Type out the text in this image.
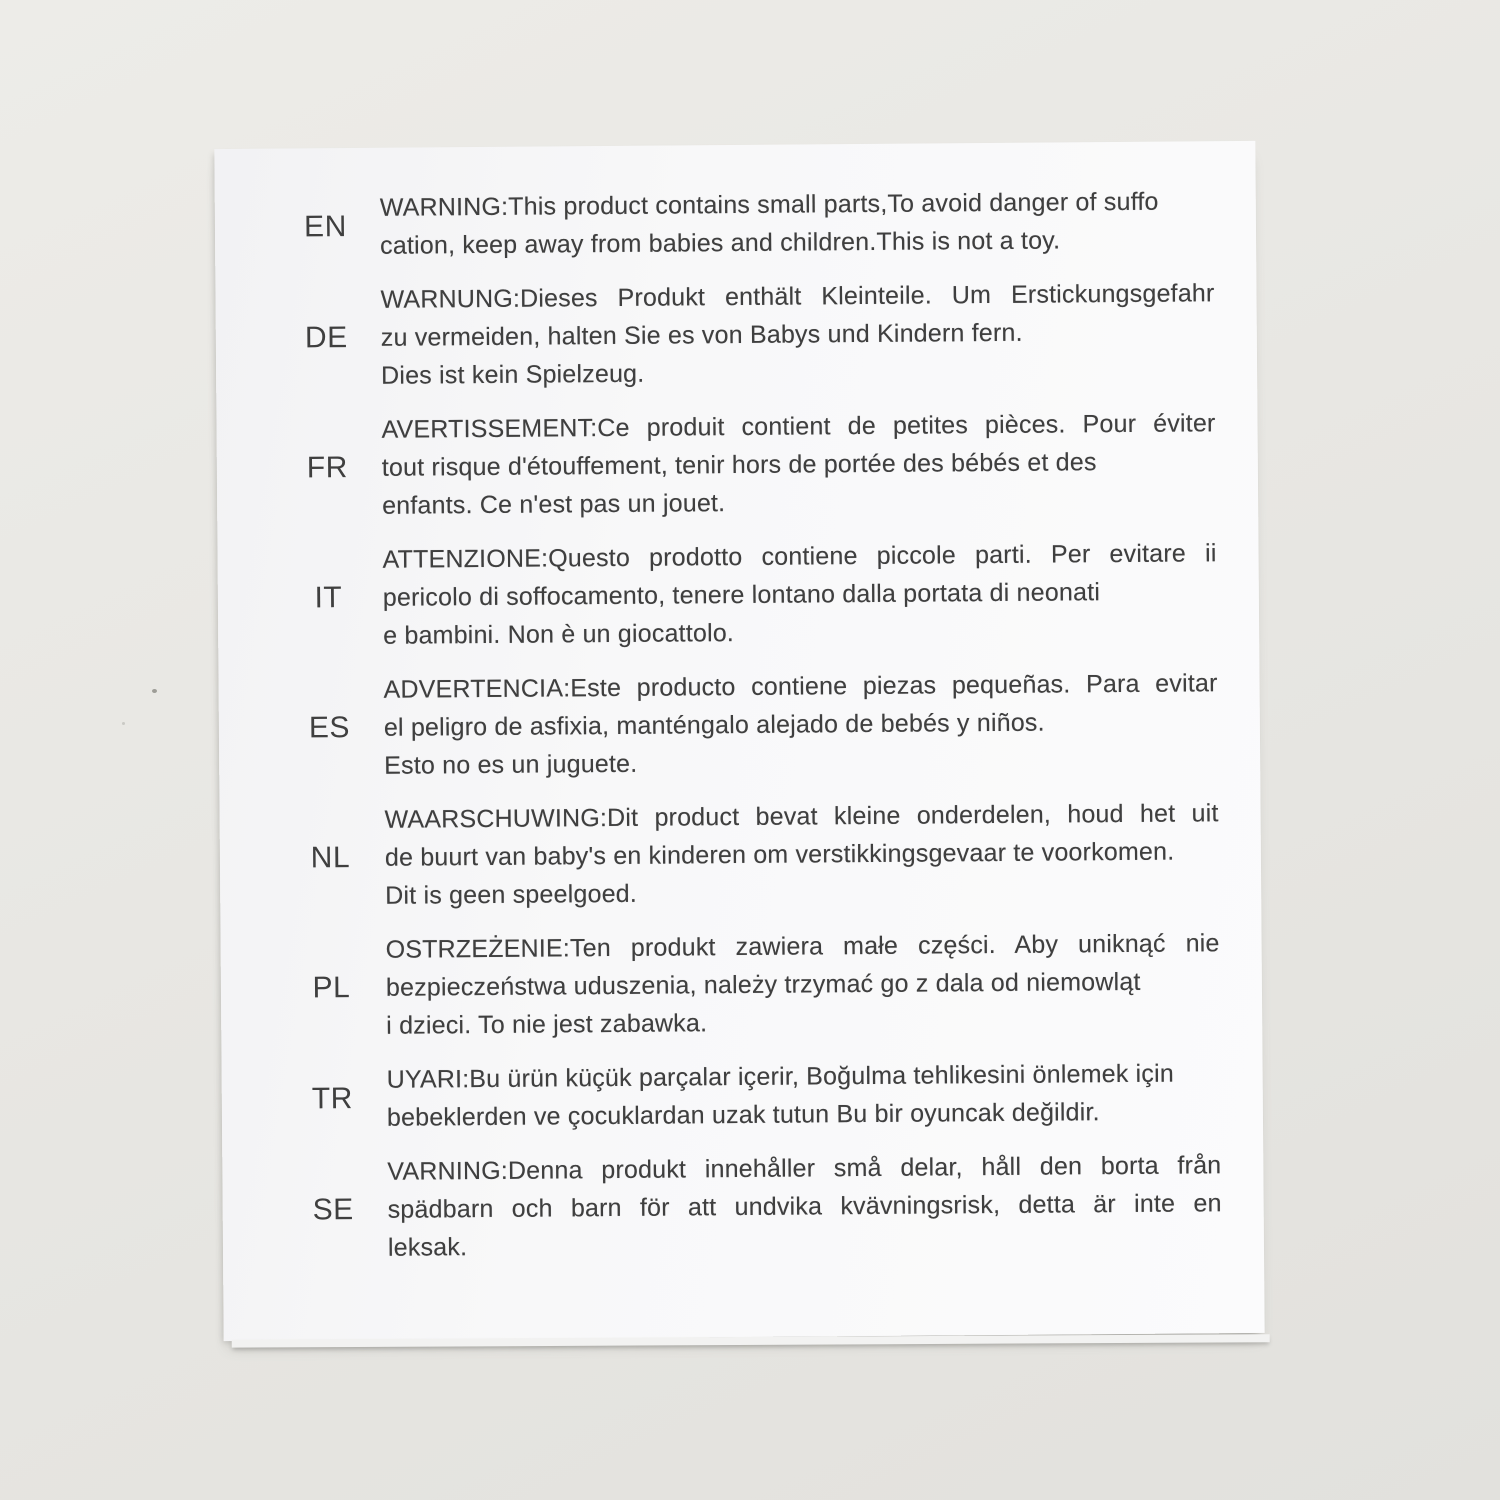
EN
WARNING:This product contains small parts,To avoid danger of suffo
cation, keep away from babies and children.This is not a toy.
DE
WARNUNG:Dieses Produkt enthält Kleinteile. Um Erstickungsgefahr
zu vermeiden, halten Sie es von Babys und Kindern fern.
Dies ist kein Spielzeug.
FR
AVERTISSEMENT:Ce produit contient de petites pièces. Pour éviter
tout risque d'étouffement, tenir hors de portée des bébés et des
enfants. Ce n'est pas un jouet.
IT
ATTENZIONE:Questo prodotto contiene piccole parti. Per evitare ii
pericolo di soffocamento, tenere lontano dalla portata di neonati
e bambini. Non è un giocattolo.
ES
ADVERTENCIA:Este producto contiene piezas pequeñas. Para evitar
el peligro de asfixia, manténgalo alejado de bebés y niños.
Esto no es un juguete.
NL
WAARSCHUWING:Dit product bevat kleine onderdelen, houd het uit
de buurt van baby's en kinderen om verstikkingsgevaar te voorkomen.
Dit is geen speelgoed.
PL
OSTRZEŻENIE:Ten produkt zawiera małe części. Aby uniknąć nie
bezpieczeństwa uduszenia, należy trzymać go z dala od niemowląt
i dzieci. To nie jest zabawka.
TR
UYARI:Bu ürün küçük parçalar içerir, Boğulma tehlikesini önlemek için
bebeklerden ve çocuklardan uzak tutun Bu bir oyuncak değildir.
SE
VARNING:Denna produkt innehåller små delar, håll den borta från
spädbarn och barn för att undvika kvävningsrisk, detta är inte en
leksak.
